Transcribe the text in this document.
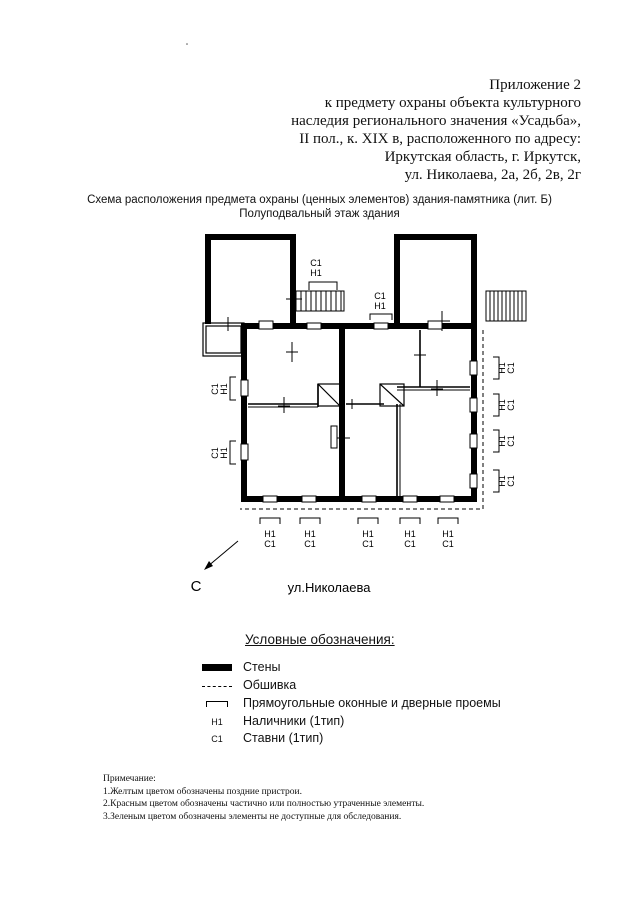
Приложение 2
к предмету охраны объекта культурного
наследия регионального значения «Усадьба»,
II пол., к. XIX в, расположенного по адресу:
Иркутская область, г. Иркутск,
ул. Николаева, 2а, 2б, 2в, 2г
Схема расположения предмета охраны (ценных элементов) здания-памятника (лит. Б)
Полуподвальный этаж здания
С1
Н1
С1
Н1
С1 Н1
С1 Н1
Н1 С1
Н1 С1
Н1 С1
Н1 С1
Н1
С1
Н1
С1
Н1
С1
Н1
С1
Н1
С1
С	ул.Николаева
Условные обозначения:
Стены
Обшивка
Прямоугольные оконные и дверные проемы
Н1	Наличники (1тип)
С1	Ставни (1тип)
Примечание:
1.Желтым цветом обозначены поздние пристрои.
2.Красным цветом обозначены частично или полностью утраченные элементы.
3.Зеленым цветом обозначены элементы не доступные для обследования.
